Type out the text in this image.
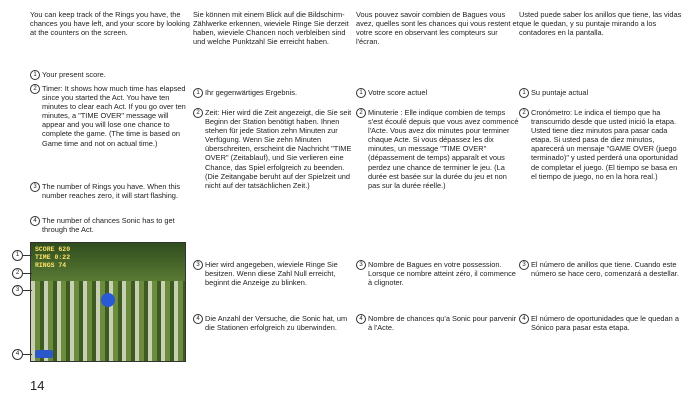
You can keep track of the Rings you have, the chances you have left, and your score by looking at the counters on the screen.

1 Your present score.
2 Timer: It shows how much time has elapsed since you started the Act. You have ten minutes to clear each Act. If you go over ten minutes, a "TIME OVER" message will appear and you will lose one chance to complete the game. (The time is based on Game time and not on actual time.)
3 The number of Rings you have. When this number reaches zero, it will start flashing.
4 The number of chances Sonic has to get through the Act.

Sie können mit einem Blick auf die Bildschirm-Zählwerke erkennen, wieviele Ringe Sie derzeit haben, wieviele Chancen noch verbleiben sind und welche Punktzahl Sie erreicht haben.

1 Ihr gegenwärtiges Ergebnis.
2 Zeit: Hier wird die Zeit angezeigt, die Sie seit Beginn der Station benötigt haben. Ihnen stehen für jede Station zehn Minuten zur Verfügung. Wenn Sie zehn Minuten überschreiten, erscheint die Nachricht "TIME OVER" (Zeitablauf), und Sie verlieren eine Chance, das Spiel erfolgreich zu beenden. (Die Zeitangabe beruht auf der Spielzeit und nicht auf der tatsächlichen Zeit.)
3 Hier wird angegeben, wieviele Ringe Sie besitzen. Wenn diese Zahl Null erreicht, beginnt die Anzeige zu blinken.
4 Die Anzahl der Versuche, die Sonic hat, um die Stationen erfolgreich zu überwinden.

Vous pouvez savoir combien de Bagues vous avez, quelles sont les chances qui vous restent et votre score en observant les compteurs sur l'écran.

1 Votre score actuel
2 Minuterie : Elle indique combien de temps s'est écoulé depuis que vous avez commencé l'Acte. Vous avez dix minutes pour terminer chaque Acte. Si vous dépassez les dix minutes, un message "TIME OVER" (dépassement de temps) apparaît et vous perdez une chance de terminer le jeu. (La durée est basée sur la durée du jeu et non pas sur la durée réelle.)
3 Nombre de Bagues en votre possession. Lorsque ce nombre atteint zéro, il commence à clignoter.
4 Nombre de chances qu'a Sonic pour parvenir à l'Acte.

Usted puede saber los anillos que tiene, las vidas que le quedan, y su puntaje mirando a los contadores en la pantalla.

1 Su puntaje actual
2 Cronómetro: Le indica el tiempo que ha transcurrido desde que usted inició la etapa. Usted tiene diez minutos para pasar cada etapa. Si usted pasa de diez minutos, aparecerá un mensaje "GAME OVER (juego terminado)" y usted perderá una oportunidad de completar el juego. (El tiempo se basa en el tiempo de juego, no en la hora real.)
3 El número de anillos que tiene. Cuando este número se hace cero, comenzará a destellar.
4 El número de oportunidades que le quedan a Sónico para pasar esta etapa.
SCORE 620
TIME 0:22
RINGS 74
1
2
3
4
14
